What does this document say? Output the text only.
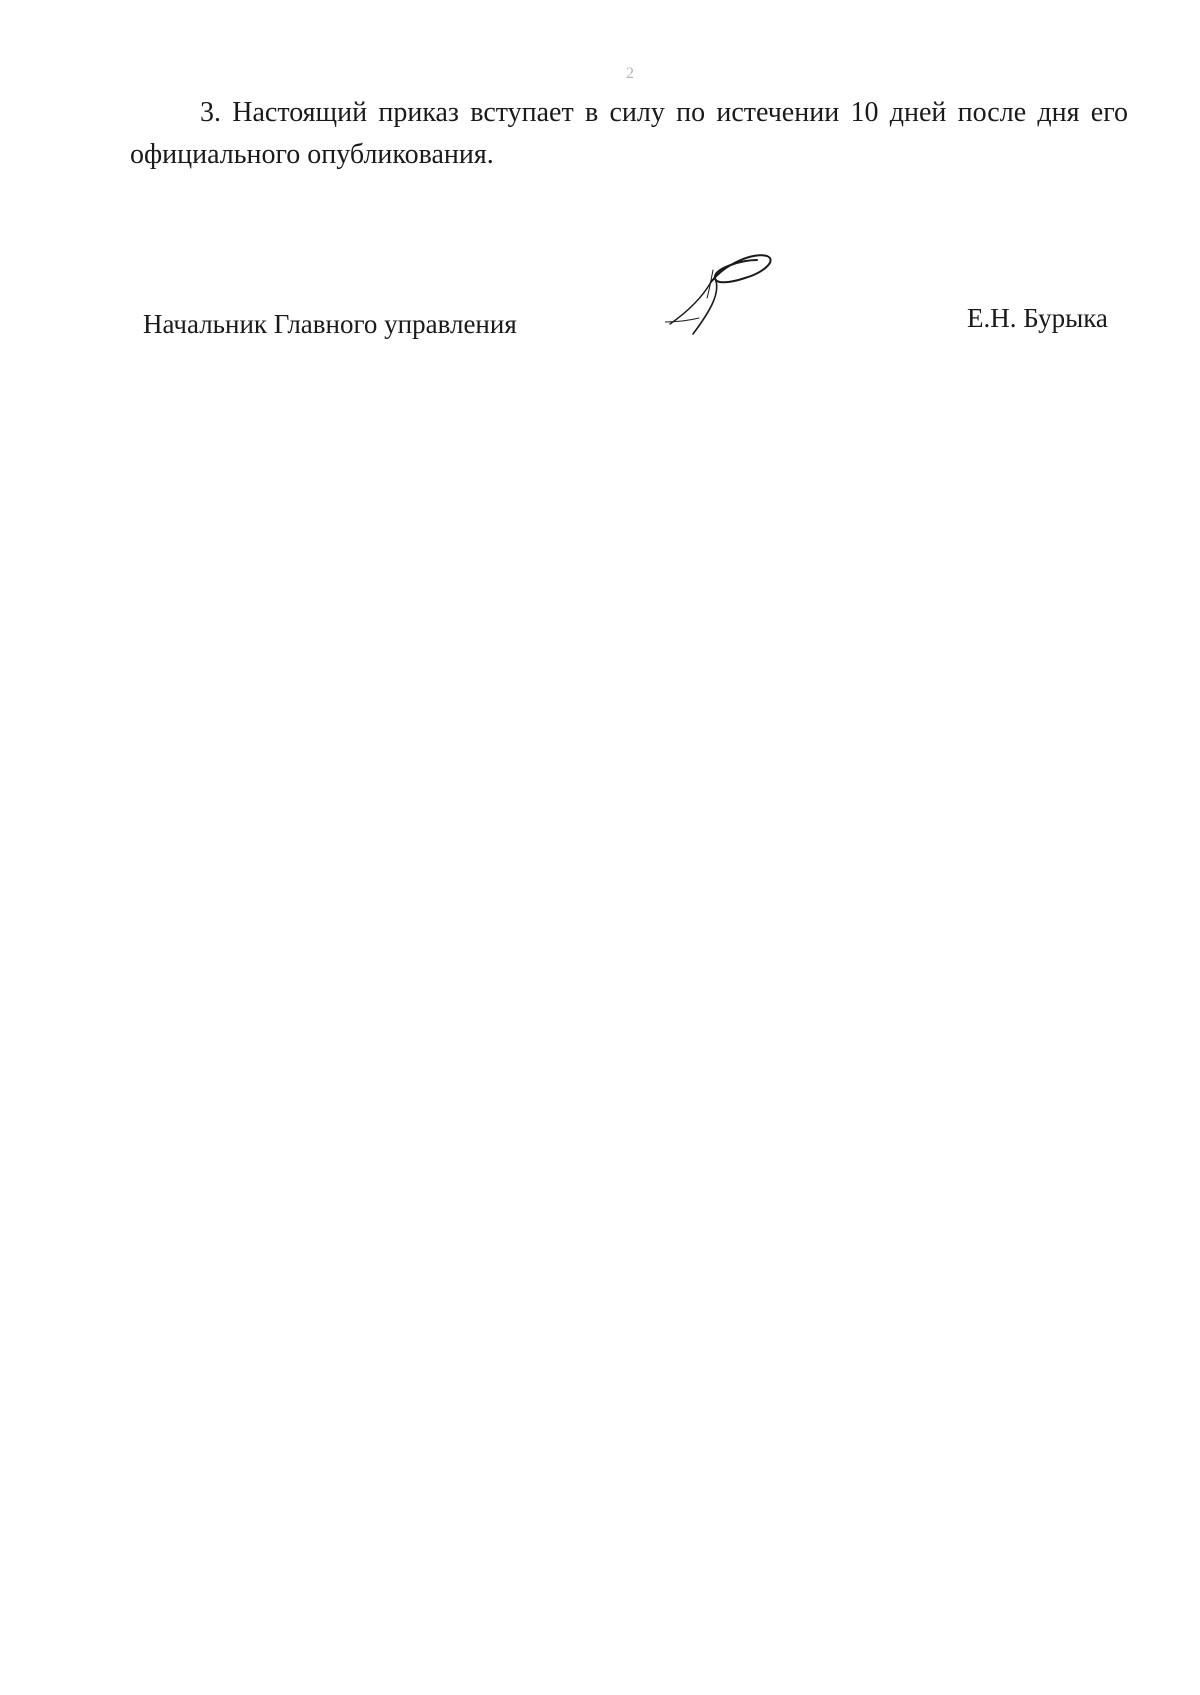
2

3. Настоящий приказ вступает в силу по истечении 10 дней после дня его официального опубликования.

Начальник Главного управления	Е.Н. Бурыка
